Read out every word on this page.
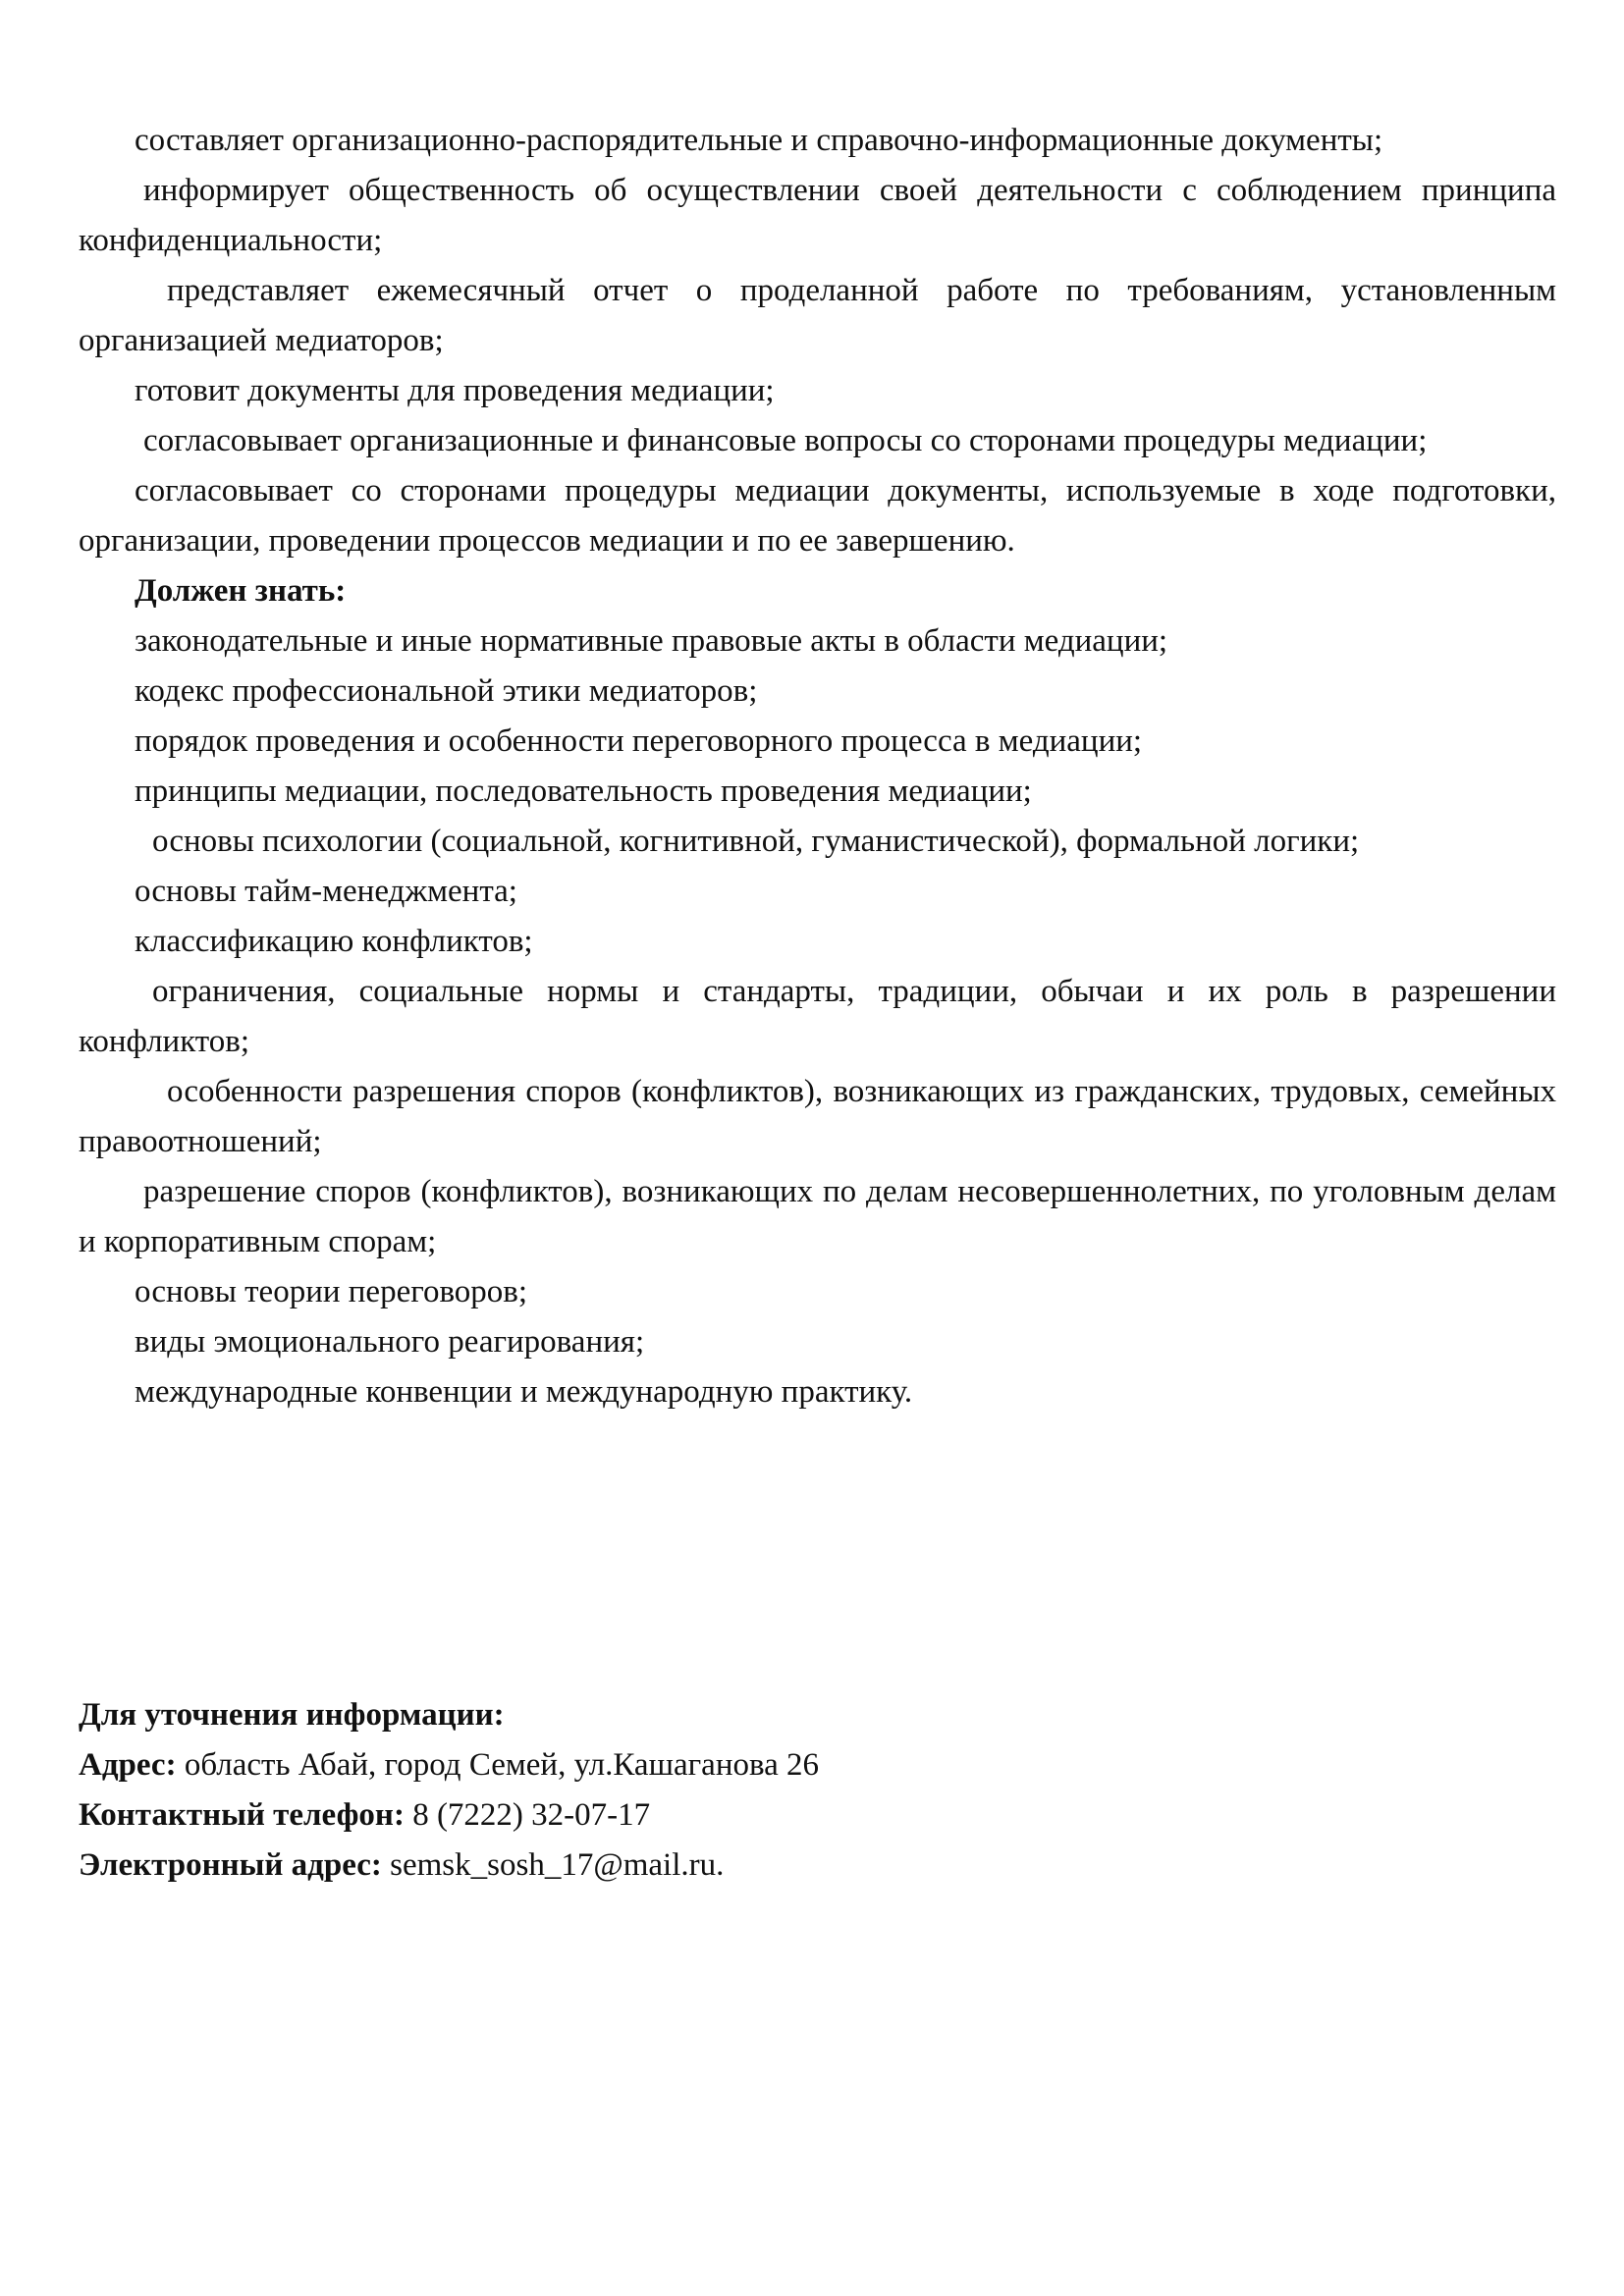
составляет организационно-распорядительные и справочно-информационные документы;

информирует общественность об осуществлении своей деятельности с соблюдением принципа конфиденциальности;

представляет ежемесячный отчет о проделанной работе по требованиям, установленным организацией медиаторов;

готовит документы для проведения медиации;

согласовывает организационные и финансовые вопросы со сторонами процедуры медиации;

согласовывает со сторонами процедуры медиации документы, используемые в ходе подготовки, организации, проведении процессов медиации и по ее завершению.

Должен знать:

законодательные и иные нормативные правовые акты в области медиации;

кодекс профессиональной этики медиаторов;

порядок проведения и особенности переговорного процесса в медиации;

принципы медиации, последовательность проведения медиации;

основы психологии (социальной, когнитивной, гуманистической), формальной логики;

основы тайм-менеджмента;

классификацию конфликтов;

ограничения, социальные нормы и стандарты, традиции, обычаи и их роль в разрешении конфликтов;

особенности разрешения споров (конфликтов), возникающих из гражданских, трудовых, семейных правоотношений;

разрешение споров (конфликтов), возникающих по делам несовершеннолетних, по уголовным делам и корпоративным спорам;

основы теории переговоров;

виды эмоционального реагирования;

международные конвенции и международную практику.

Для уточнения информации:

Адрес: область Абай, город Семей, ул.Кашаганова 26

Контактный телефон: 8 (7222) 32-07-17

Электронный адрес: semsk_sosh_17@mail.ru.
